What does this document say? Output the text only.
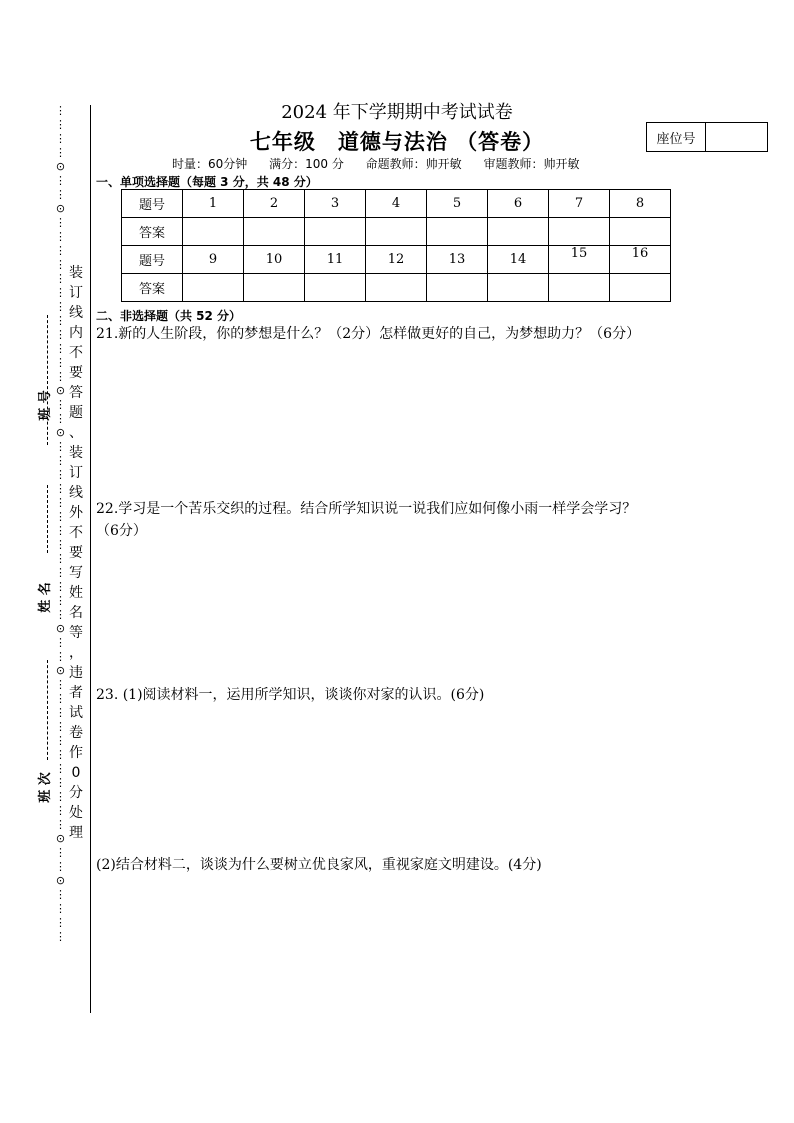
⋮
⋮
⋮
⋮
⊙
⋮
⋮
⊙
⋮
⋮
⋮
⋮
⋮
⋮
⋮
⋮
⋮
⋮
⋮
⋮
⊙
⋮
⋮
⊙
⋮
⋮
⋮
⋮
⋮
⋮
⋮
⋮
⋮
⋮
⋮
⋮
⋮
⊙
⋮
⋮
⊙
⋮
⋮
⋮
⋮
⋮
⋮
⋮
⋮
⋮
⋮
⋮
⊙
⋮
⋮
⊙
⋮
⋮
⋮
⋮
班 号
姓 名
班 次
装
订
线
内
不
要
答
题
、
装
订
线
外
不
要
写
姓
名
等
，
违
者
试
卷
作
0
分
处
理
2024 年下学期期中考试试卷
七年级　道德与法治 （答卷）	座位号
时量：60分钟 满分：100 分 命题教师：帅开敏 审题教师：帅开敏
一、单项选择题（每题 3 分，共 48 分）
题号	1	2	3	4	5	6	7	8
答案								
题号	9	10	11	12	13	14	15	16
答案								
二、非选择题（共 52 分）
21.新的人生阶段，你的梦想是什么？（2分）怎样做更好的自己，为梦想助力？（6分）
22.学习是一个苦乐交织的过程。结合所学知识说一说我们应如何像小雨一样学会学习？
（6分）
23. (1)阅读材料一，运用所学知识，谈谈你对家的认识。(6分)
(2)结合材料二，谈谈为什么要树立优良家风，重视家庭文明建设。(4分)
